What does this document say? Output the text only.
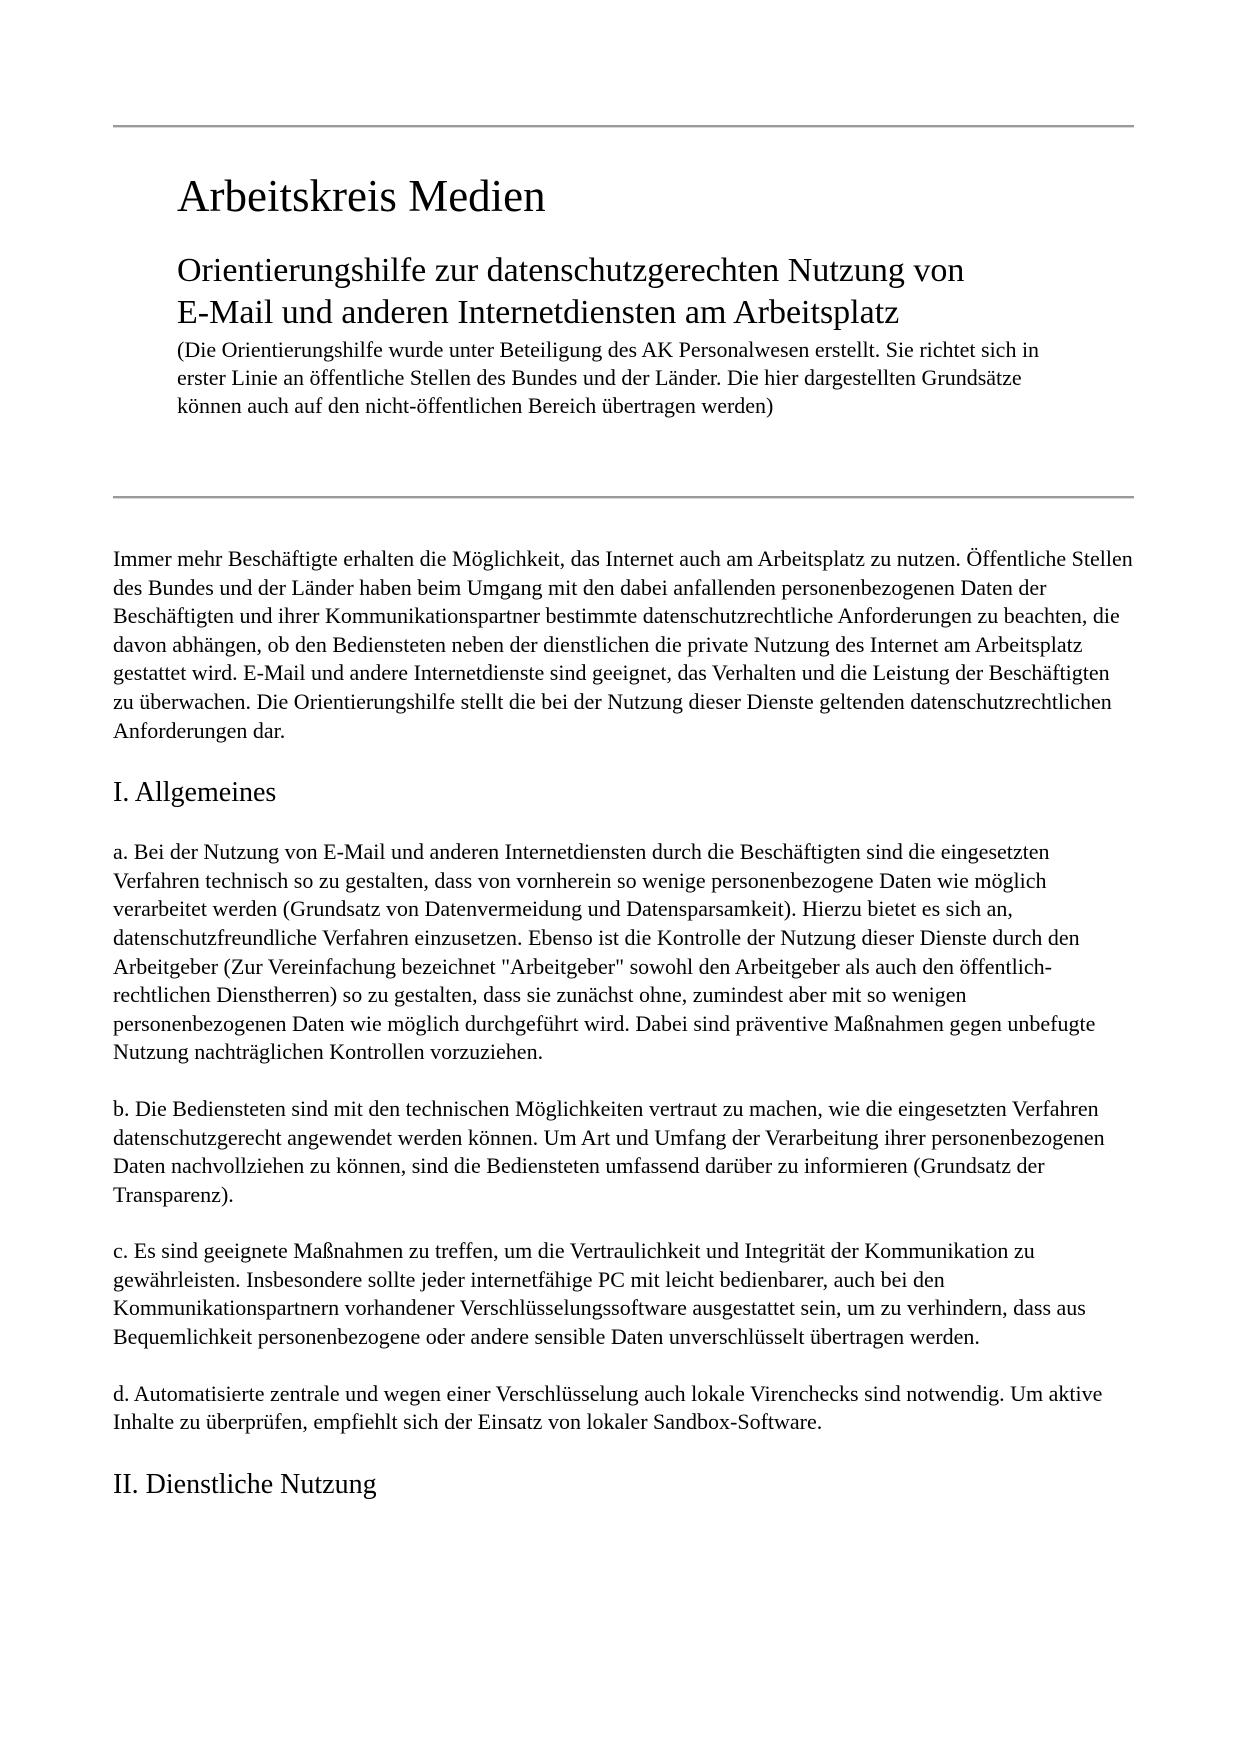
Arbeitskreis Medien
Orientierungshilfe zur datenschutzgerechten Nutzung von
E-Mail und anderen Internetdiensten am Arbeitsplatz

(Die Orientierungshilfe wurde unter Beteiligung des AK Personalwesen erstellt. Sie richtet sich in erster Linie an öffentliche Stellen des Bundes und der Länder. Die hier dargestellten Grundsätze können auch auf den nicht-öffentlichen Bereich übertragen werden)

Immer mehr Beschäftigte erhalten die Möglichkeit, das Internet auch am Arbeitsplatz zu nutzen. Öffentliche Stellen des Bundes und der Länder haben beim Umgang mit den dabei anfallenden personenbezogenen Daten der Beschäftigten und ihrer Kommunikationspartner bestimmte datenschutzrechtliche Anforderungen zu beachten, die davon abhängen, ob den Bediensteten neben der dienstlichen die private Nutzung des Internet am Arbeitsplatz gestattet wird. E-Mail und andere Internetdienste sind geeignet, das Verhalten und die Leistung der Beschäftigten zu überwachen. Die Orientierungshilfe stellt die bei der Nutzung dieser Dienste geltenden datenschutzrechtlichen Anforderungen dar.

I. Allgemeines

a. Bei der Nutzung von E-Mail und anderen Internetdiensten durch die Beschäftigten sind die eingesetzten Verfahren technisch so zu gestalten, dass von vornherein so wenige personenbezogene Daten wie möglich verarbeitet werden (Grundsatz von Datenvermeidung und Datensparsamkeit). Hierzu bietet es sich an, datenschutzfreundliche Verfahren einzusetzen. Ebenso ist die Kontrolle der Nutzung dieser Dienste durch den Arbeitgeber (Zur Vereinfachung bezeichnet "Arbeitgeber" sowohl den Arbeitgeber als auch den öffentlich-rechtlichen Dienstherren) so zu gestalten, dass sie zunächst ohne, zumindest aber mit so wenigen personenbezogenen Daten wie möglich durchgeführt wird. Dabei sind präventive Maßnahmen gegen unbefugte Nutzung nachträglichen Kontrollen vorzuziehen.

b. Die Bediensteten sind mit den technischen Möglichkeiten vertraut zu machen, wie die eingesetzten Verfahren datenschutzgerecht angewendet werden können. Um Art und Umfang der Verarbeitung ihrer personenbezogenen Daten nachvollziehen zu können, sind die Bediensteten umfassend darüber zu informieren (Grundsatz der Transparenz).

c. Es sind geeignete Maßnahmen zu treffen, um die Vertraulichkeit und Integrität der Kommunikation zu gewährleisten. Insbesondere sollte jeder internetfähige PC mit leicht bedienbarer, auch bei den Kommunikationspartnern vorhandener Verschlüsselungssoftware ausgestattet sein, um zu verhindern, dass aus Bequemlichkeit personenbezogene oder andere sensible Daten unverschlüsselt übertragen werden.

d. Automatisierte zentrale und wegen einer Verschlüsselung auch lokale Virenchecks sind notwendig. Um aktive Inhalte zu überprüfen, empfiehlt sich der Einsatz von lokaler Sandbox-Software.

II. Dienstliche Nutzung
